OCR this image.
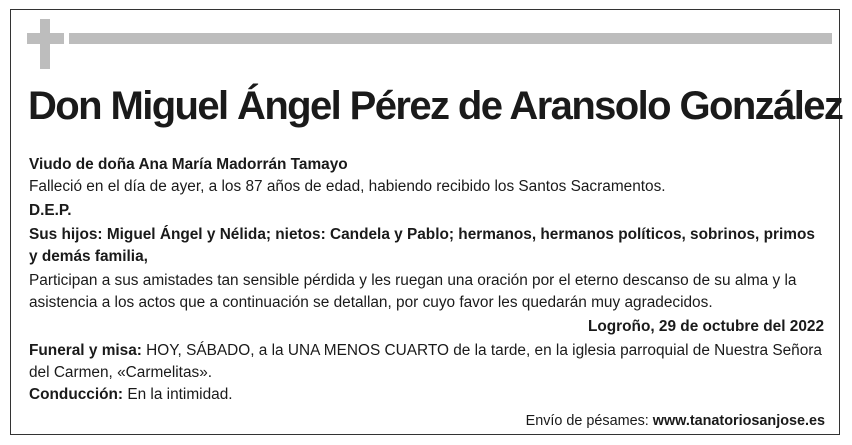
Don Miguel Ángel Pérez de Aransolo González

Viudo de doña Ana María Madorrán Tamayo

Falleció en el día de ayer, a los 87 años de edad, habiendo recibido los Santos Sacramentos.

D.E.P.

Sus hijos: Miguel Ángel y Nélida; nietos: Candela y Pablo; hermanos, hermanos políticos, sobrinos, primos y demás familia,

Participan a sus amistades tan sensible pérdida y les ruegan una oración por el eterno descanso de su alma y la asistencia a los actos que a continuación se detallan, por cuyo favor les quedarán muy agradecidos.

Logroño, 29 de octubre del 2022

Funeral y misa: HOY, SÁBADO, a la UNA MENOS CUARTO de la tarde, en la iglesia parroquial de Nuestra Señora del Carmen, «Carmelitas».

Conducción: En la intimidad.

Envío de pésames: www.tanatoriosanjose.es
